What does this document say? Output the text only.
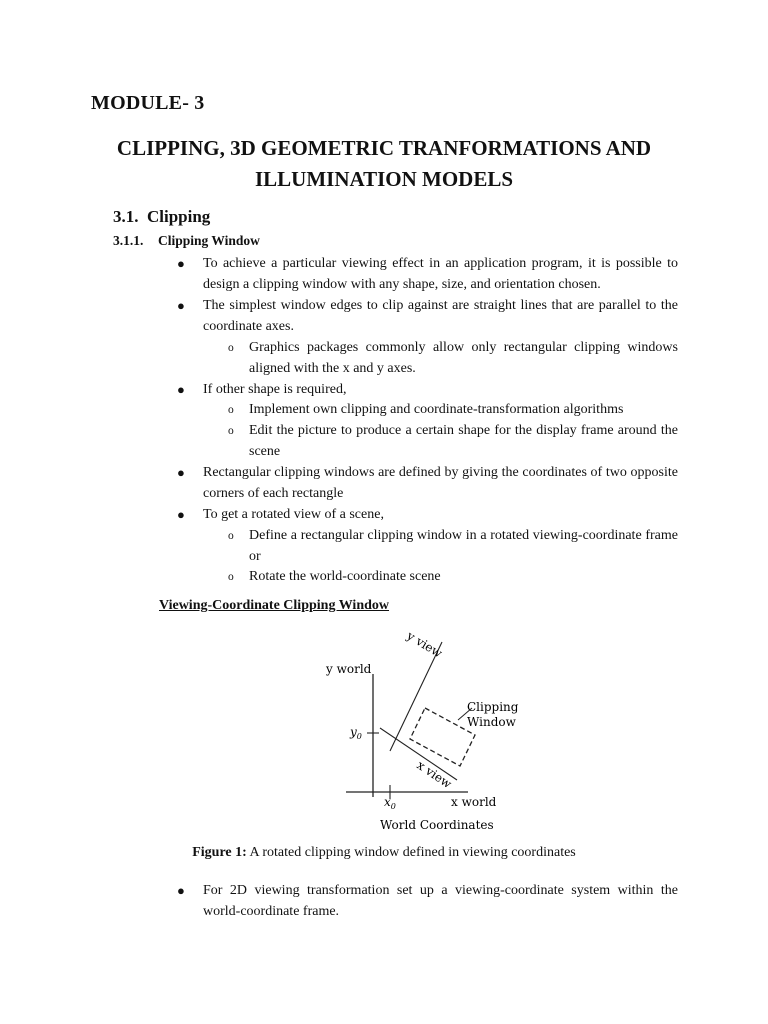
MODULE- 3
CLIPPING, 3D GEOMETRIC TRANFORMATIONS AND
ILLUMINATION MODELS
3.1. Clipping
3.1.1. Clipping Window
● To achieve a particular viewing effect in an application program, it is possible to design a clipping window with any shape, size, and orientation chosen.
● The simplest window edges to clip against are straight lines that are parallel to the coordinate axes.
o Graphics packages commonly allow only rectangular clipping windows aligned with the x and y axes.
● If other shape is required,
o Implement own clipping and coordinate-transformation algorithms
o Edit the picture to produce a certain shape for the display frame around the scene
● Rectangular clipping windows are defined by giving the coordinates of two opposite corners of each rectangle
● To get a rotated view of a scene,
o Define a rectangular clipping window in a rotated viewing-coordinate frame or
o Rotate the world-coordinate scene
Viewing-Coordinate Clipping Window
y world
x world
y view
x view
$y_0$
$x_0$
Clipping
Window
World Coordinates
Figure 1: A rotated clipping window defined in viewing coordinates
● For 2D viewing transformation set up a viewing-coordinate system within the world-coordinate frame.
